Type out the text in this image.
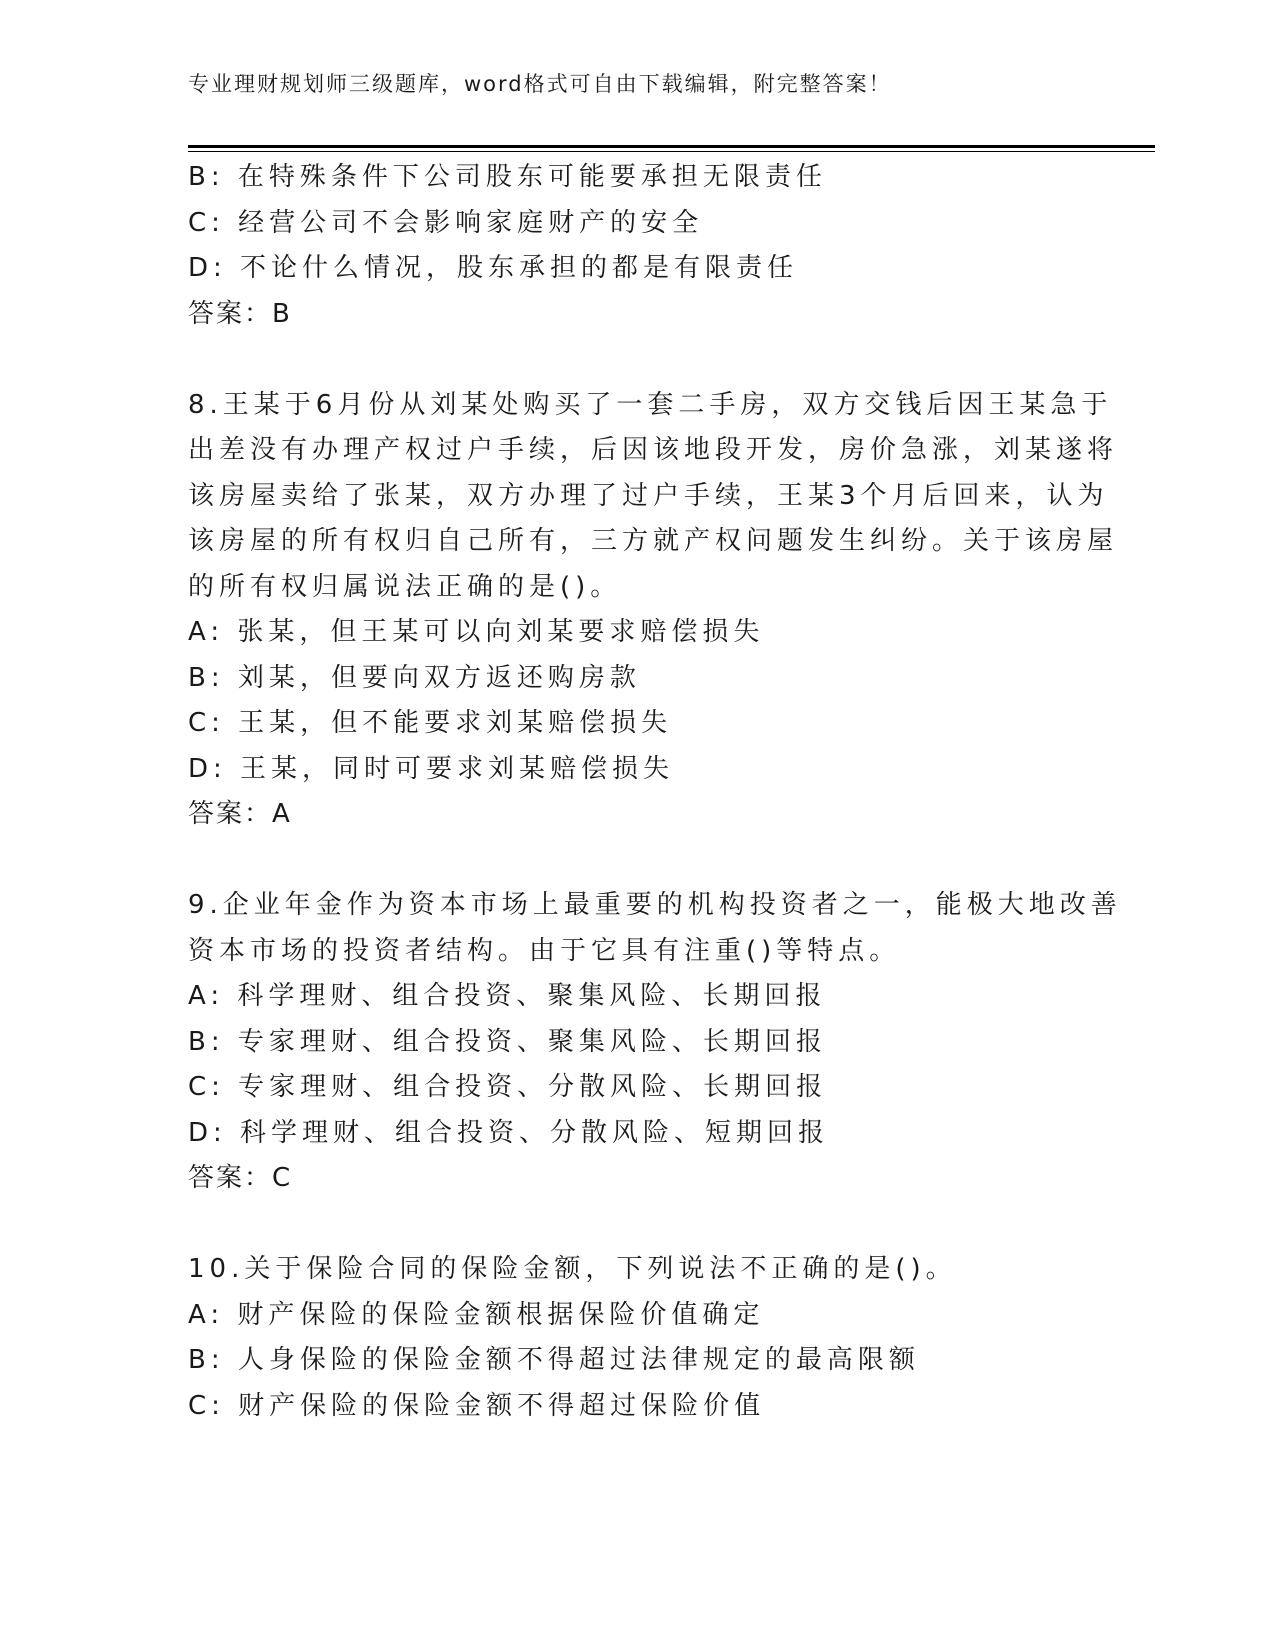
专业理财规划师三级题库，word格式可自由下载编辑，附完整答案！
B: 在特殊条件下公司股东可能要承担无限责任
C: 经营公司不会影响家庭财产的安全
D: 不论什么情况，股东承担的都是有限责任
答案：B
8.王某于6月份从刘某处购买了一套二手房，双方交钱后因王某急于
出差没有办理产权过户手续，后因该地段开发，房价急涨，刘某遂将
该房屋卖给了张某，双方办理了过户手续，王某3个月后回来，认为
该房屋的所有权归自己所有，三方就产权问题发生纠纷。关于该房屋
的所有权归属说法正确的是()。
A: 张某，但王某可以向刘某要求赔偿损失
B: 刘某，但要向双方返还购房款
C: 王某，但不能要求刘某赔偿损失
D: 王某，同时可要求刘某赔偿损失
答案：A
9.企业年金作为资本市场上最重要的机构投资者之一，能极大地改善
资本市场的投资者结构。由于它具有注重()等特点。
A: 科学理财、组合投资、聚集风险、长期回报
B: 专家理财、组合投资、聚集风险、长期回报
C: 专家理财、组合投资、分散风险、长期回报
D: 科学理财、组合投资、分散风险、短期回报
答案：C
10.关于保险合同的保险金额，下列说法不正确的是()。
A: 财产保险的保险金额根据保险价值确定
B: 人身保险的保险金额不得超过法律规定的最高限额
C: 财产保险的保险金额不得超过保险价值
